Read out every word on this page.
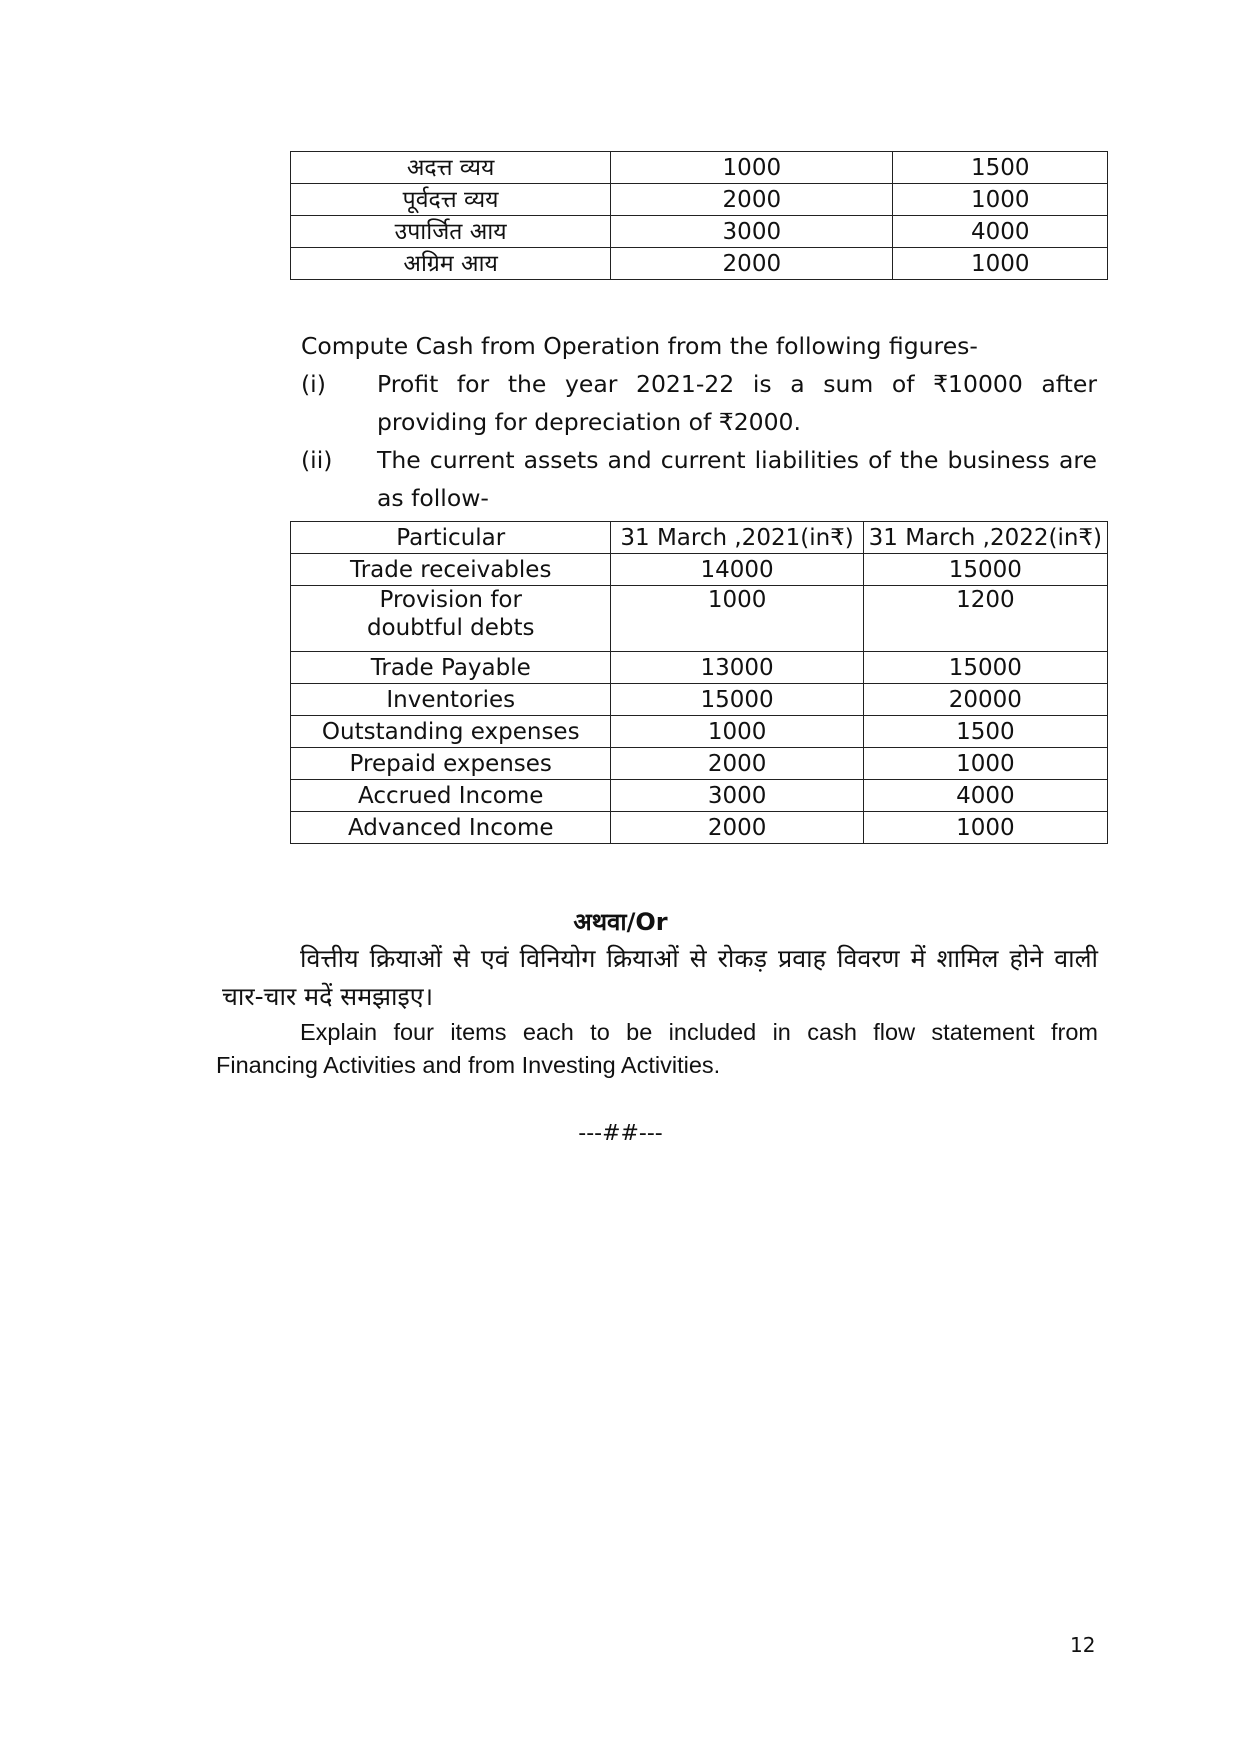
अदत्त व्यय	1000	1500
पूर्वदत्त व्यय	2000	1000
उपार्जित आय	3000	4000
अग्रिम आय	2000	1000
Compute Cash from Operation from the following figures-
(i) Profit for the year 2021-22 is a sum of ₹10000 after providing for depreciation of ₹2000.
(ii) The current assets and current liabilities of the business are as follow-
Particular	31 March ,2021(in₹)	31 March ,2022(in₹)
Trade receivables	14000	15000

Provision for doubtful debts	1000	1200
Trade Payable	13000	15000
Inventories	15000	20000
Outstanding expenses	1000	1500
Prepaid expenses	2000	1000
Accrued Income	3000	4000
Advanced Income	2000	1000
अथवा/Or
वित्तीय क्रियाओं से एवं विनियोग क्रियाओं से रोकड़ प्रवाह विवरण में शामिल होने वाली
चार-चार मदें समझाइए।
Explain four items each to be included in cash flow statement from
Financing Activities and from Investing Activities.
---##---
12
